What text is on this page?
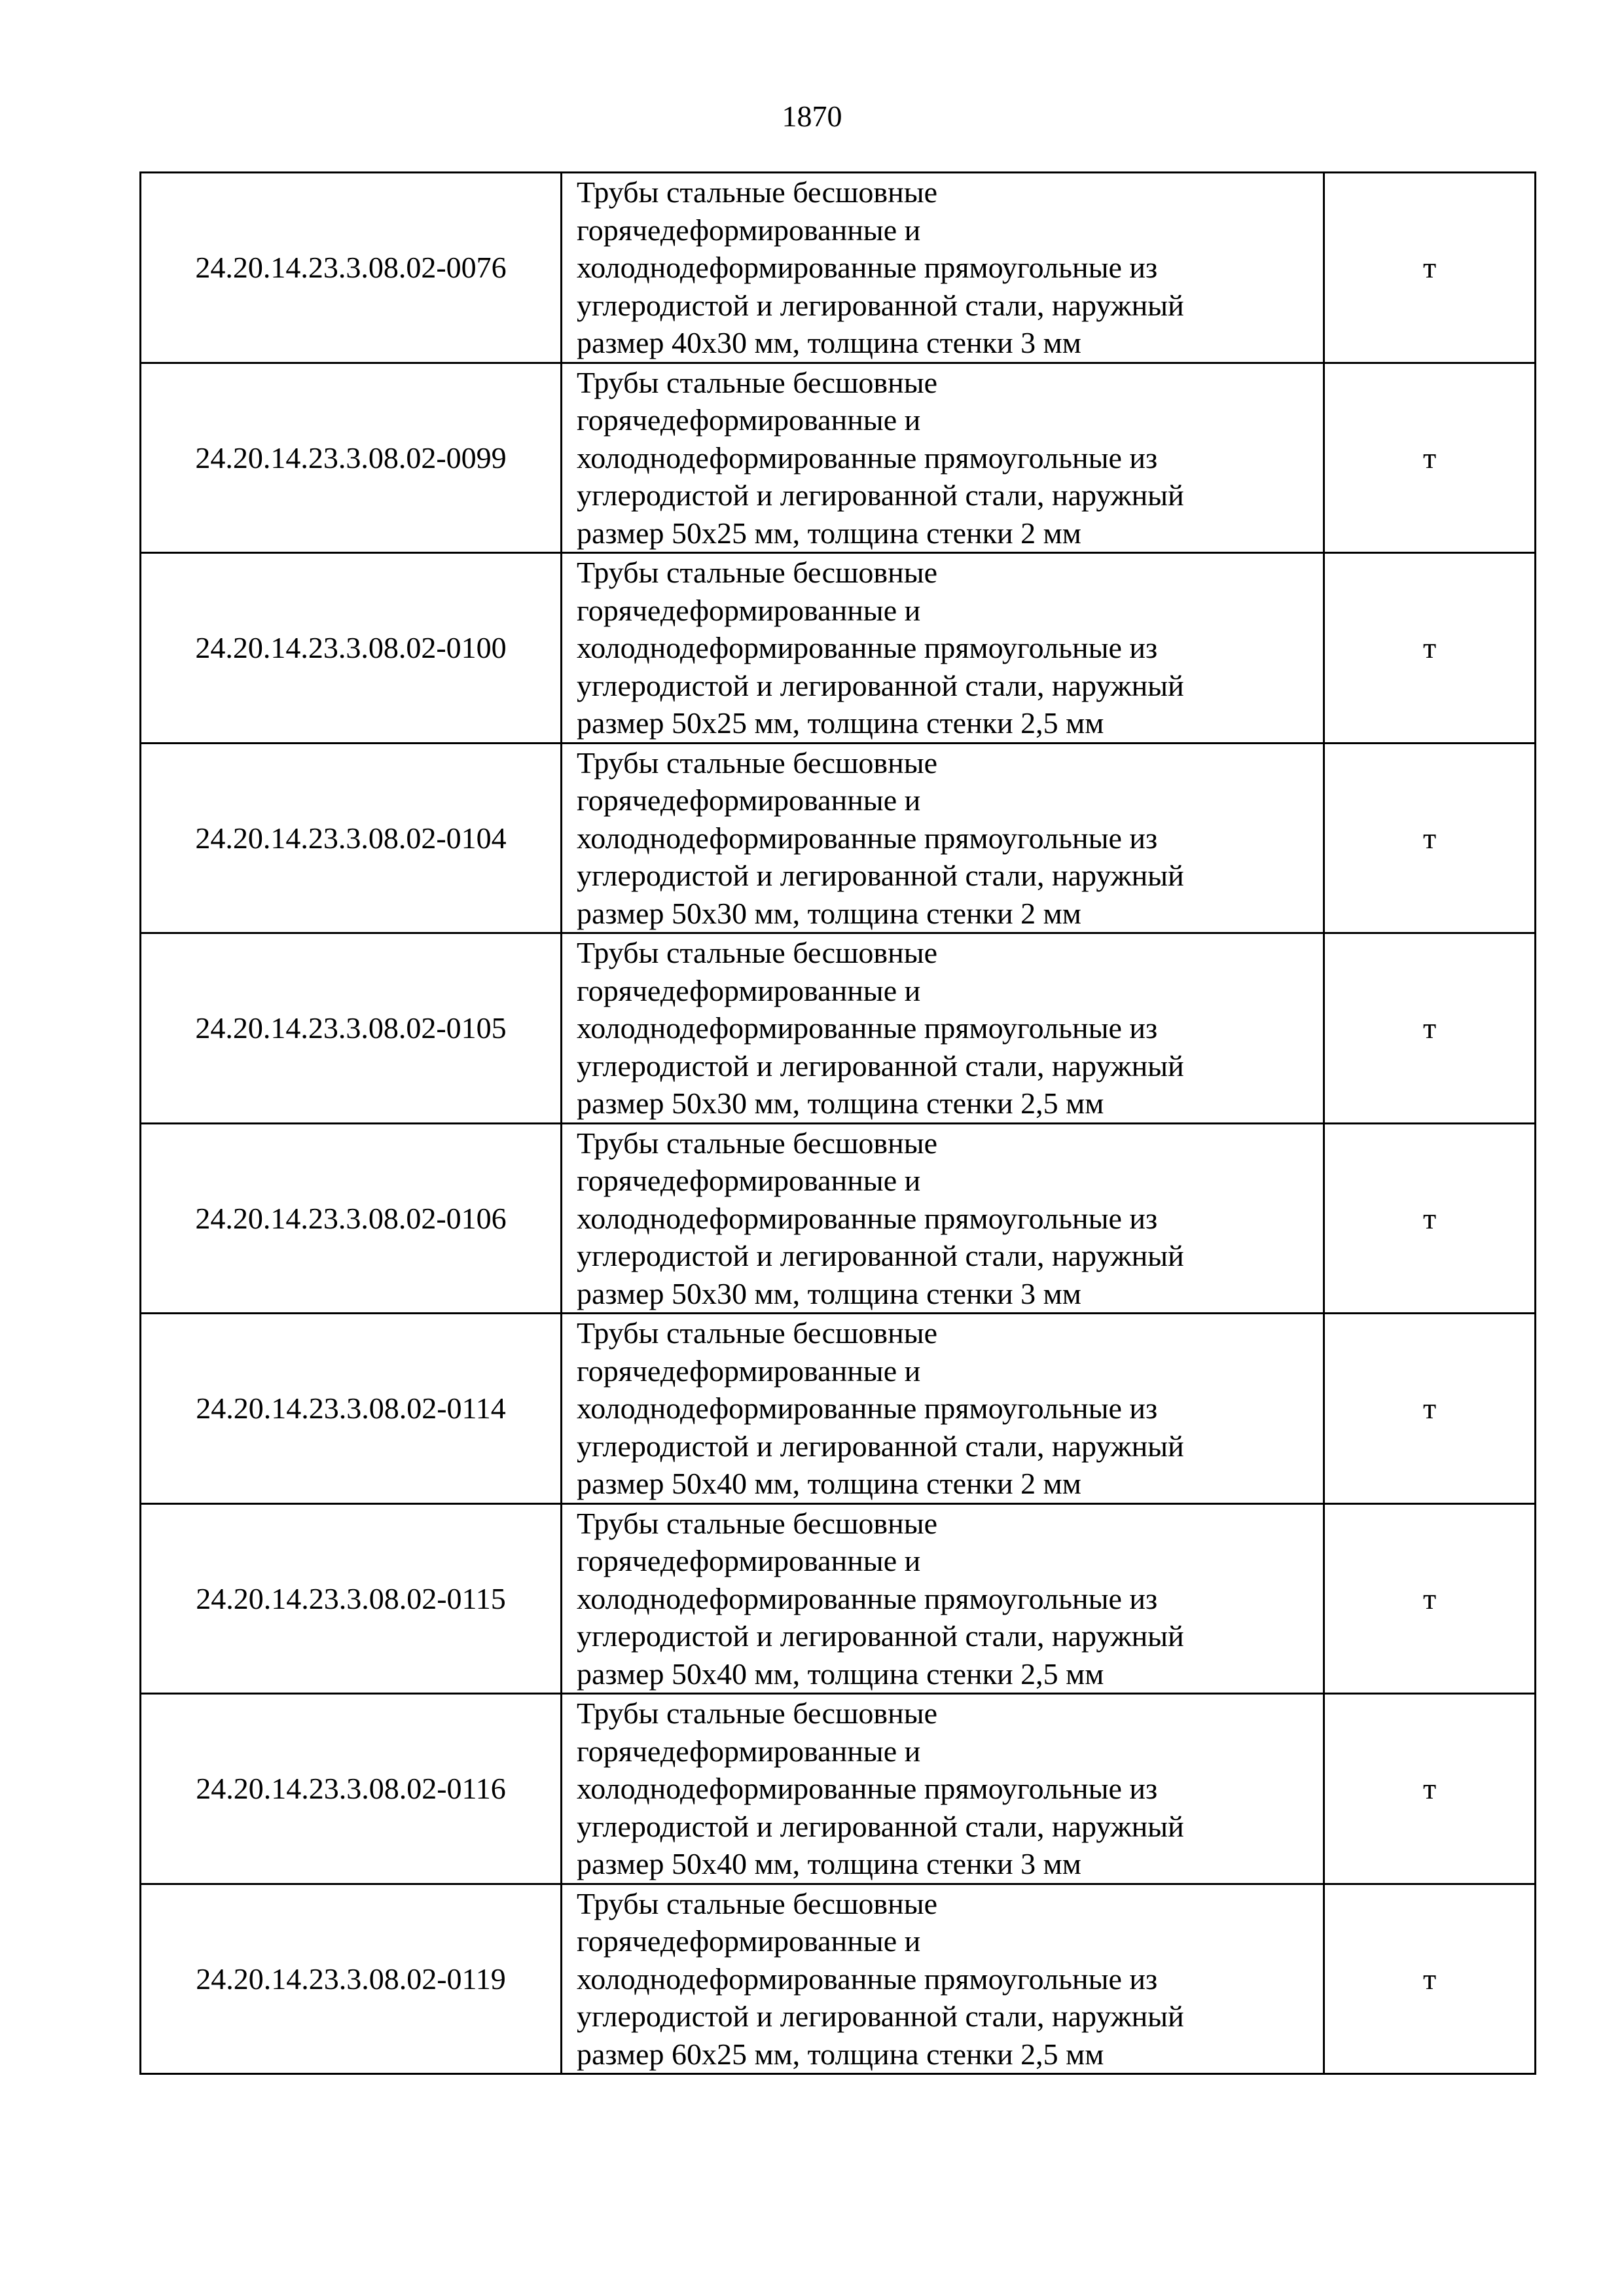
1870
24.20.14.23.3.08.02-0076	Трубы стальные бесшовные
горячедеформированные и
холоднодеформированные прямоугольные из
углеродистой и легированной стали, наружный
размер 40х30 мм, толщина стенки 3 мм	т
24.20.14.23.3.08.02-0099	Трубы стальные бесшовные
горячедеформированные и
холоднодеформированные прямоугольные из
углеродистой и легированной стали, наружный
размер 50х25 мм, толщина стенки 2 мм	т
24.20.14.23.3.08.02-0100	Трубы стальные бесшовные
горячедеформированные и
холоднодеформированные прямоугольные из
углеродистой и легированной стали, наружный
размер 50х25 мм, толщина стенки 2,5 мм	т
24.20.14.23.3.08.02-0104	Трубы стальные бесшовные
горячедеформированные и
холоднодеформированные прямоугольные из
углеродистой и легированной стали, наружный
размер 50х30 мм, толщина стенки 2 мм	т
24.20.14.23.3.08.02-0105	Трубы стальные бесшовные
горячедеформированные и
холоднодеформированные прямоугольные из
углеродистой и легированной стали, наружный
размер 50х30 мм, толщина стенки 2,5 мм	т
24.20.14.23.3.08.02-0106	Трубы стальные бесшовные
горячедеформированные и
холоднодеформированные прямоугольные из
углеродистой и легированной стали, наружный
размер 50х30 мм, толщина стенки 3 мм	т
24.20.14.23.3.08.02-0114	Трубы стальные бесшовные
горячедеформированные и
холоднодеформированные прямоугольные из
углеродистой и легированной стали, наружный
размер 50х40 мм, толщина стенки 2 мм	т
24.20.14.23.3.08.02-0115	Трубы стальные бесшовные
горячедеформированные и
холоднодеформированные прямоугольные из
углеродистой и легированной стали, наружный
размер 50х40 мм, толщина стенки 2,5 мм	т
24.20.14.23.3.08.02-0116	Трубы стальные бесшовные
горячедеформированные и
холоднодеформированные прямоугольные из
углеродистой и легированной стали, наружный
размер 50х40 мм, толщина стенки 3 мм	т
24.20.14.23.3.08.02-0119	Трубы стальные бесшовные
горячедеформированные и
холоднодеформированные прямоугольные из
углеродистой и легированной стали, наружный
размер 60х25 мм, толщина стенки 2,5 мм	т
